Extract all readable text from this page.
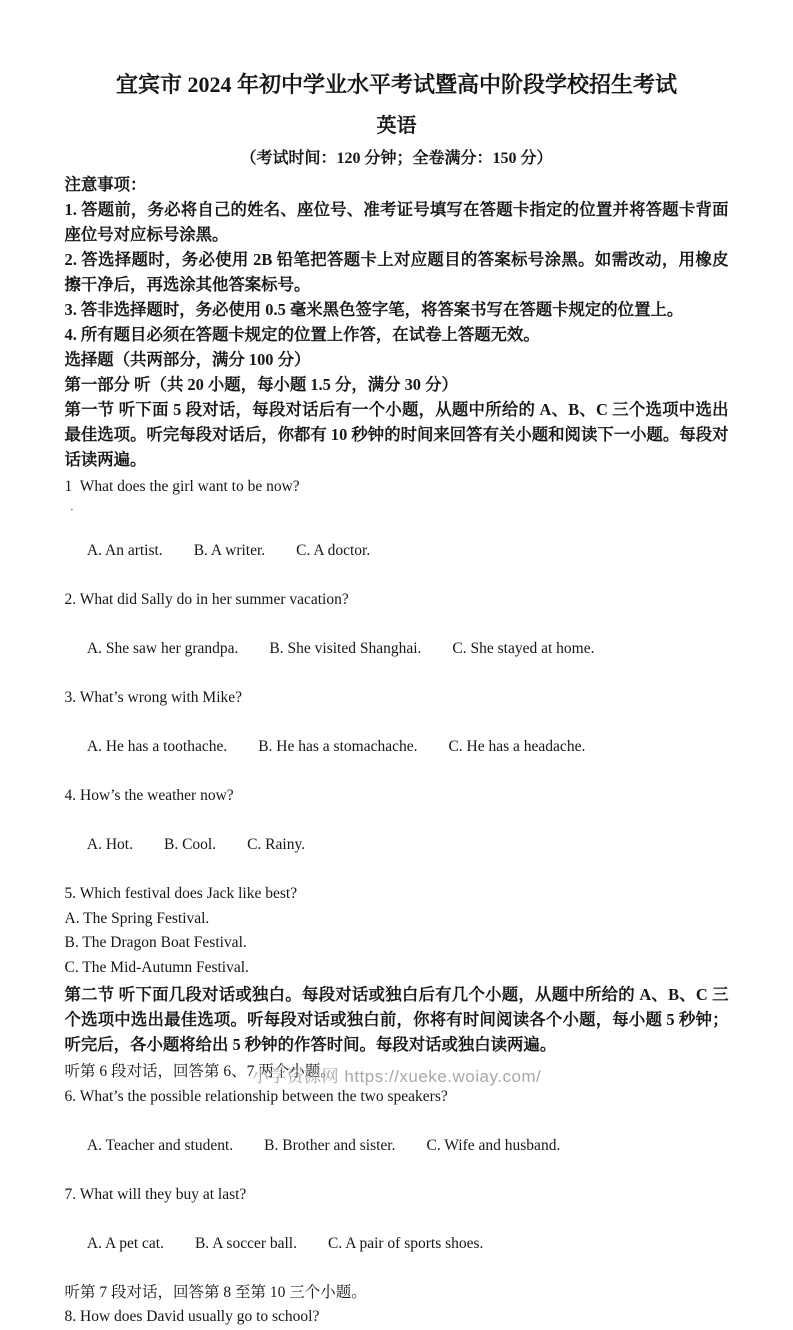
宜宾市 2024 年初中学业水平考试暨高中阶段学校招生考试
英语
（考试时间：120 分钟；全卷满分：150 分）

注意事项：

1. 答题前，务必将自己的姓名、座位号、准考证号填写在答题卡指定的位置并将答题卡背面座位号对应标号涂黑。

2. 答选择题时，务必使用 2B 铅笔把答题卡上对应题目的答案标号涂黑。如需改动，用橡皮擦干净后，再选涂其他答案标号。

3. 答非选择题时，务必使用 0.5 毫米黑色签字笔，将答案书写在答题卡规定的位置上。

4. 所有题目必须在答题卡规定的位置上作答，在试卷上答题无效。

选择题（共两部分，满分 100 分）

第一部分 听（共 20 小题，每小题 1.5 分，满分 30 分）

第一节 听下面 5 段对话，每段对话后有一个小题，从题中所给的 A、B、C 三个选项中选出最佳选项。听完每段对话后，你都有 10 秒钟的时间来回答有关小题和阅读下一小题。每段对话读两遍。

1  What does the girl want to be now?
.

A. An artist. B. A writer. C. A doctor.

2. What did Sally do in her summer vacation?

A. She saw her grandpa. B. She visited Shanghai. C. She stayed at home.

3. What’s wrong with Mike?

A. He has a toothache. B. He has a stomachache. C. He has a headache.

4. How’s the weather now?

A. Hot. B. Cool. C. Rainy.

5. Which festival does Jack like best?
A. The Spring Festival.
B. The Dragon Boat Festival.
C. The Mid-Autumn Festival.

第二节 听下面几段对话或独白。每段对话或独白后有几个小题，从题中所给的 A、B、C 三个选项中选出最佳选项。听每段对话或独白前，你将有时间阅读各个小题，每小题 5 秒钟；听完后，各小题将给出 5 秒钟的作答时间。每段对话或独白读两遍。

听第 6 段对话，回答第 6、7 两个小题。
6. What’s the possible relationship between the two speakers?

A. Teacher and student. B. Brother and sister. C. Wife and husband.

7. What will they buy at last?

A. A pet cat. B. A soccer ball. C. A pair of sports shoes.

听第 7 段对话，回答第 8 至第 10 三个小题。
8. How does David usually go to school?
小学资源网 https://xueke.woiay.com/
